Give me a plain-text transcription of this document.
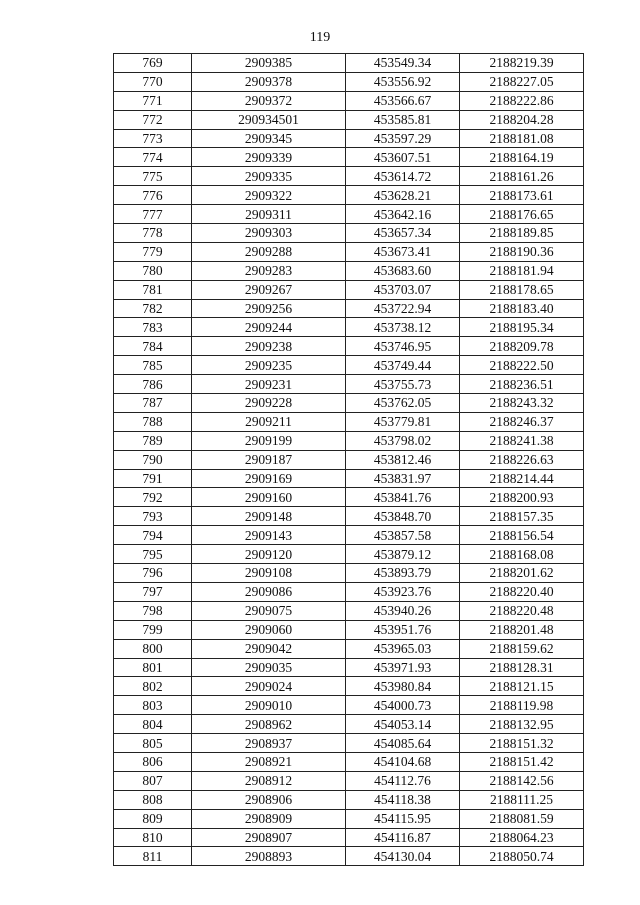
119
769	2909385	453549.34	2188219.39
770	2909378	453556.92	2188227.05
771	2909372	453566.67	2188222.86
772	290934501	453585.81	2188204.28
773	2909345	453597.29	2188181.08
774	2909339	453607.51	2188164.19
775	2909335	453614.72	2188161.26
776	2909322	453628.21	2188173.61
777	2909311	453642.16	2188176.65
778	2909303	453657.34	2188189.85
779	2909288	453673.41	2188190.36
780	2909283	453683.60	2188181.94
781	2909267	453703.07	2188178.65
782	2909256	453722.94	2188183.40
783	2909244	453738.12	2188195.34
784	2909238	453746.95	2188209.78
785	2909235	453749.44	2188222.50
786	2909231	453755.73	2188236.51
787	2909228	453762.05	2188243.32
788	2909211	453779.81	2188246.37
789	2909199	453798.02	2188241.38
790	2909187	453812.46	2188226.63
791	2909169	453831.97	2188214.44
792	2909160	453841.76	2188200.93
793	2909148	453848.70	2188157.35
794	2909143	453857.58	2188156.54
795	2909120	453879.12	2188168.08
796	2909108	453893.79	2188201.62
797	2909086	453923.76	2188220.40
798	2909075	453940.26	2188220.48
799	2909060	453951.76	2188201.48
800	2909042	453965.03	2188159.62
801	2909035	453971.93	2188128.31
802	2909024	453980.84	2188121.15
803	2909010	454000.73	2188119.98
804	2908962	454053.14	2188132.95
805	2908937	454085.64	2188151.32
806	2908921	454104.68	2188151.42
807	2908912	454112.76	2188142.56
808	2908906	454118.38	2188111.25
809	2908909	454115.95	2188081.59
810	2908907	454116.87	2188064.23
811	2908893	454130.04	2188050.74
